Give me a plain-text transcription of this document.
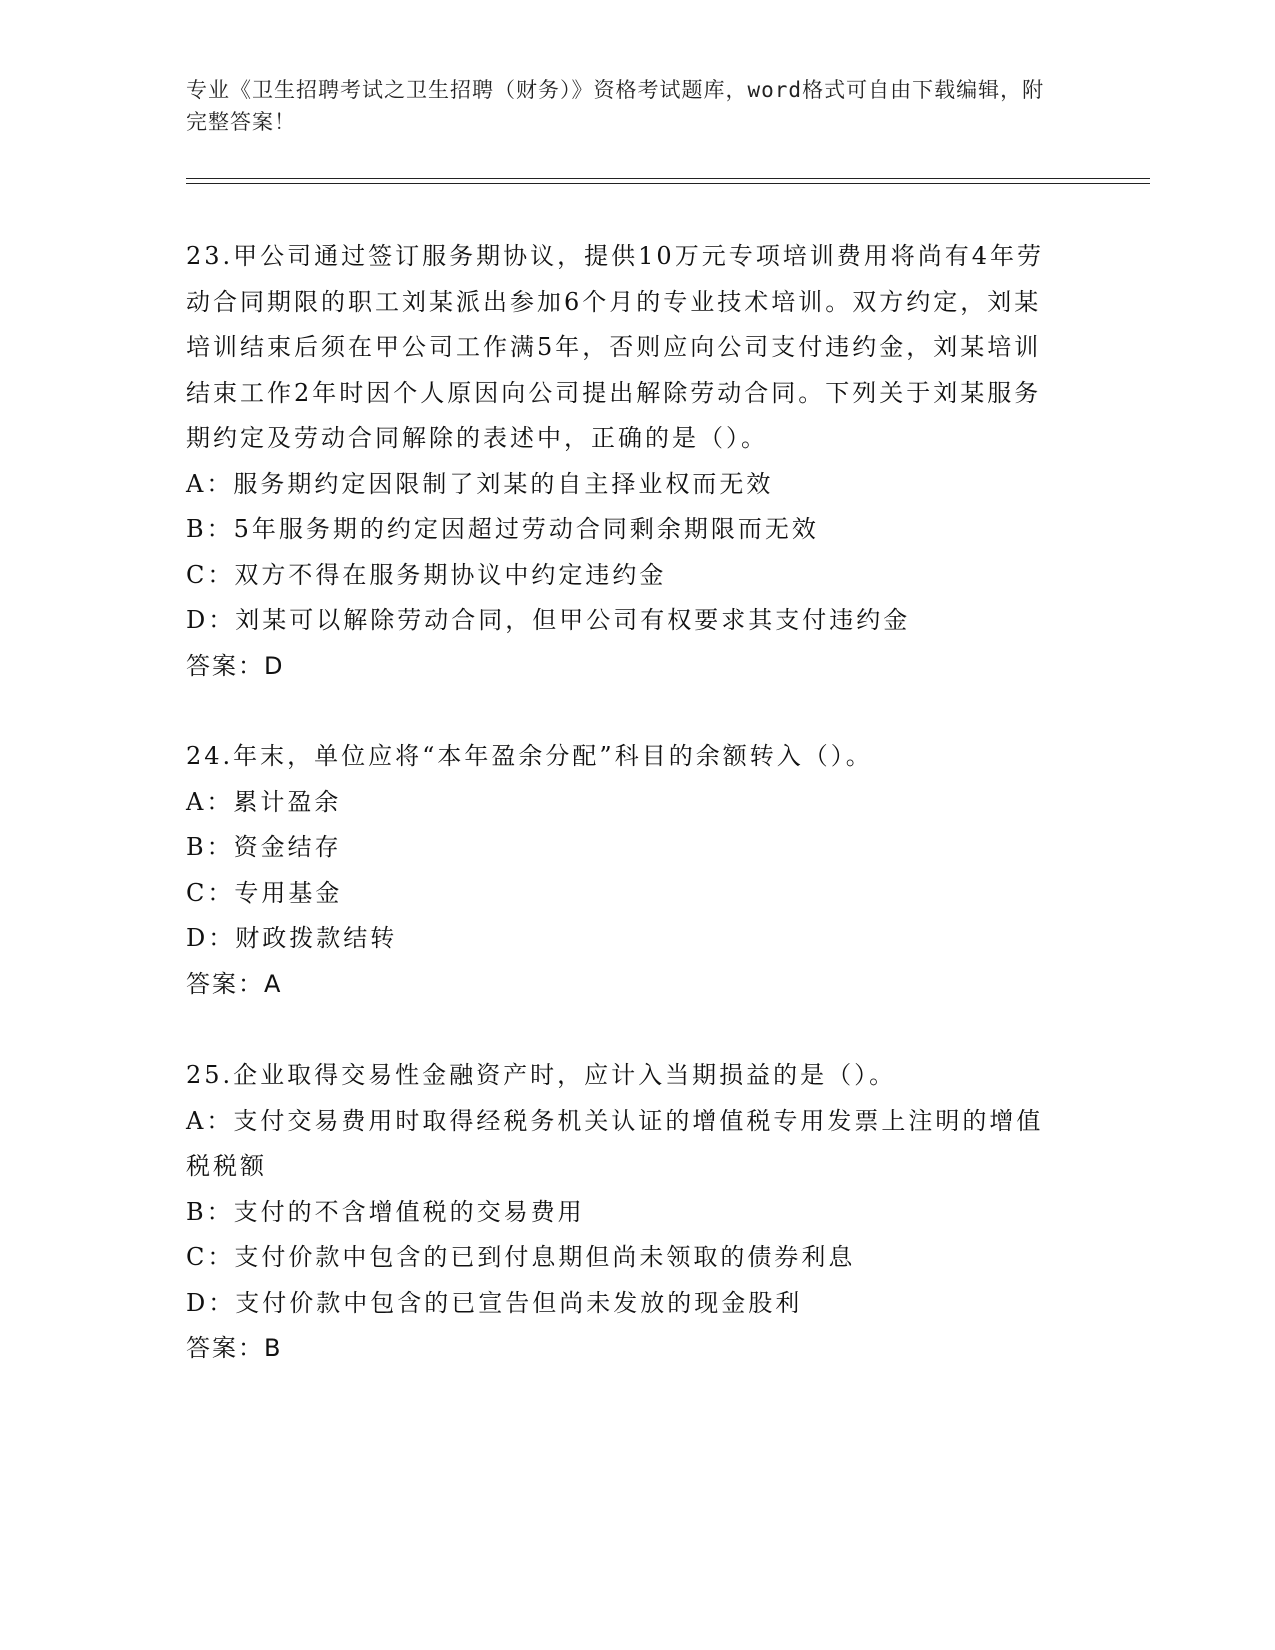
专业《卫生招聘考试之卫生招聘（财务）》资格考试题库，word格式可自由下载编辑，附完整答案！
23.甲公司通过签订服务期协议，提供10万元专项培训费用将尚有4年劳动合同期限的职工刘某派出参加6个月的专业技术培训。双方约定，刘某培训结束后须在甲公司工作满5年，否则应向公司支付违约金，刘某培训结束工作2年时因个人原因向公司提出解除劳动合同。下列关于刘某服务期约定及劳动合同解除的表述中，正确的是（）。
A：服务期约定因限制了刘某的自主择业权而无效
B：5年服务期的约定因超过劳动合同剩余期限而无效
C：双方不得在服务期协议中约定违约金
D：刘某可以解除劳动合同，但甲公司有权要求其支付违约金
答案：D
24.年末，单位应将“本年盈余分配”科目的余额转入（）。
A：累计盈余
B：资金结存
C：专用基金
D：财政拨款结转
答案：A
25.企业取得交易性金融资产时，应计入当期损益的是（）。
A：支付交易费用时取得经税务机关认证的增值税专用发票上注明的增值税税额
B：支付的不含增值税的交易费用
C：支付价款中包含的已到付息期但尚未领取的债券利息
D：支付价款中包含的已宣告但尚未发放的现金股利
答案：B
